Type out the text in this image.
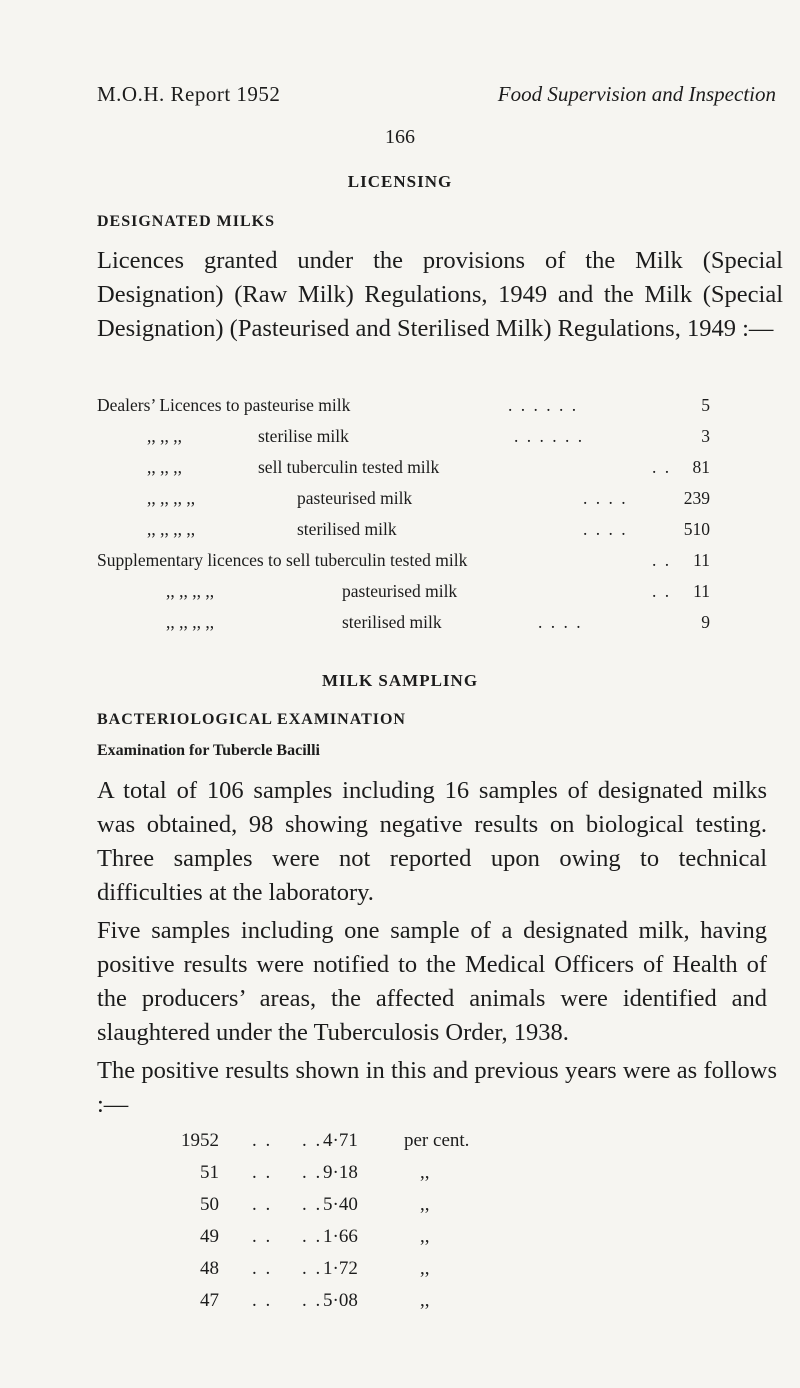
M.O.H. Report 1952	Food Supervision and Inspection
166
LICENSING
DESIGNATED MILKS
Licences granted under the provisions of the Milk (Special Designation) (Raw Milk) Regulations, 1949 and the Milk (Special Designation) (Pasteurised and Sterilised Milk) Regulations, 1949 :—
Dealers’ Licences to pasteurise milk	. . . . . .	5
,, ,, ,,	sterilise milk	. . . . . .	3
,, ,, ,,	sell tuberculin tested milk	. . 81
,, ,, ,, ,,	pasteurised milk	. . . .	239
,, ,, ,, ,,	sterilised milk	. . . .	510
Supplementary licences to sell tuberculin tested milk	. . 11
,, ,, ,, ,,	pasteurised milk	. . 11
,, ,, ,, ,,	sterilised milk	. . . .	9
MILK SAMPLING
BACTERIOLOGICAL EXAMINATION
Examination for Tubercle Bacilli
A total of 106 samples including 16 samples of designated milks was obtained, 98 showing negative results on biological testing. Three samples were not reported upon owing to technical difficulties at the laboratory.
Five samples including one sample of a designated milk, having positive results were notified to the Medical Officers of Health of the producers’ areas, the affected animals were identified and slaughtered under the Tuberculosis Order, 1938.
The positive results shown in this and previous years were as follows :—
1952 . . . . 4·71 per cent.
51 . . . . 9·18	,,
50 . . . . 5·40	,,
49 . . . . 1·66	,,
48 . . . . 1·72	,,
47 . . . . 5·08	,,
